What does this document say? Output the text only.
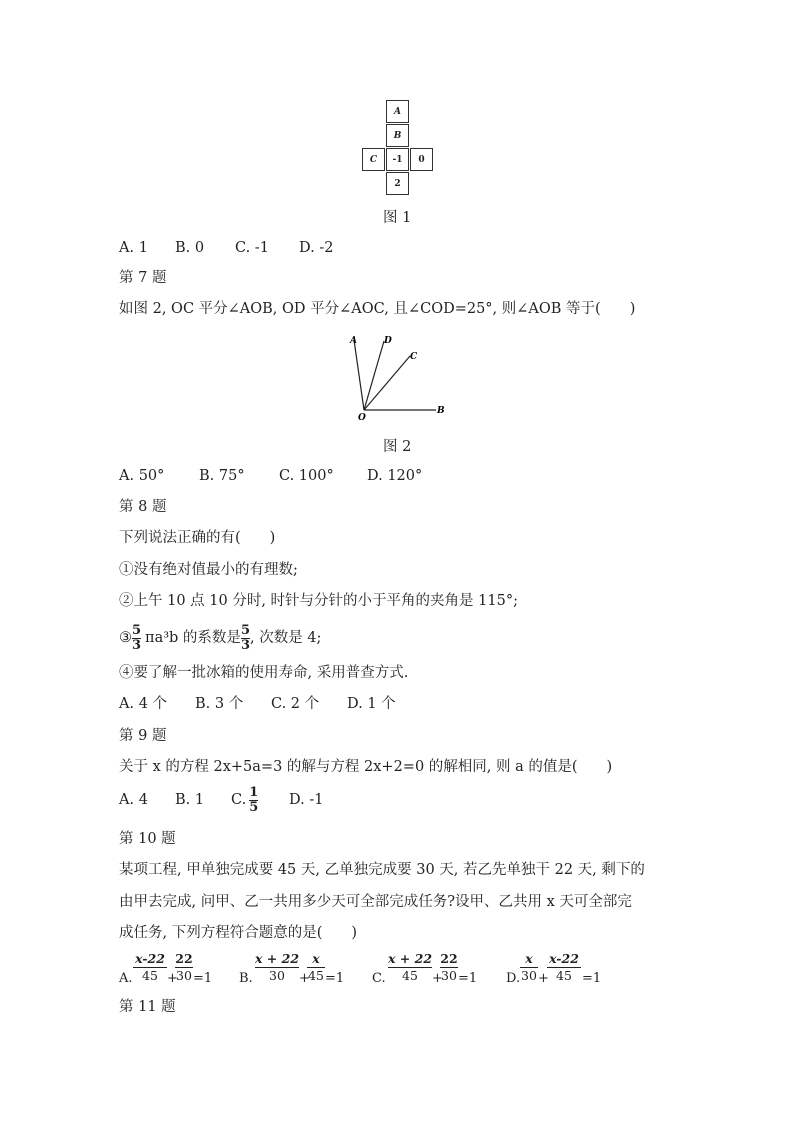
A
B
C -1 0
2
图 1
A. 1 B. 0 C. -1 D. -2
第 7 题
如图 2, OC 平分∠AOB, OD 平分∠AOC, 且∠COD=25°, 则∠AOB 等于(　　)
A	D
C
O
B
图 2
A. 50° B. 75° C. 100° D. 120°
第 8 题
下列说法正确的有(　　)
①没有绝对值最小的有理数;
②上午 10 点 10 分时, 时针与分针的小于平角的夹角是 115°;
③ $\frac{5}{3} \pi a^3b$ 的系数是 $\frac{5}{3}$ , 次数是 4;
④要了解一批冰箱的使用寿命, 采用普查方式.
A. 4 个 B. 3 个 C. 2 个 D. 1 个
第 9 题
关于 x 的方程 2x+5a=3 的解与方程 2x+2=0 的解相同, 则 a 的值是(　　)
A. 4 B. 1 C. $\frac{1}{5} D$. -1
第 10 题
某项工程, 甲单独完成要 45 天, 乙单独完成要 30 天, 若乙先单独干 22 天, 剩下的
由甲去完成, 问甲、乙一共用多少天可全部完成任务?设甲、乙共用 x 天可全部完
成任务, 下列方程符合题意的是(　　)
A. $\frac{x-22}{45}$ +
$\frac{22}{30} =1$ B. $\frac{x + 22}{30}$ +
$\frac{x}{45} =1$ C. $\frac{x + 22}{45}$ +
$\frac{22}{30} =1$ D. $\frac{x}{30}$ +
$\frac{x-22}{45} =1$
第 11 题
